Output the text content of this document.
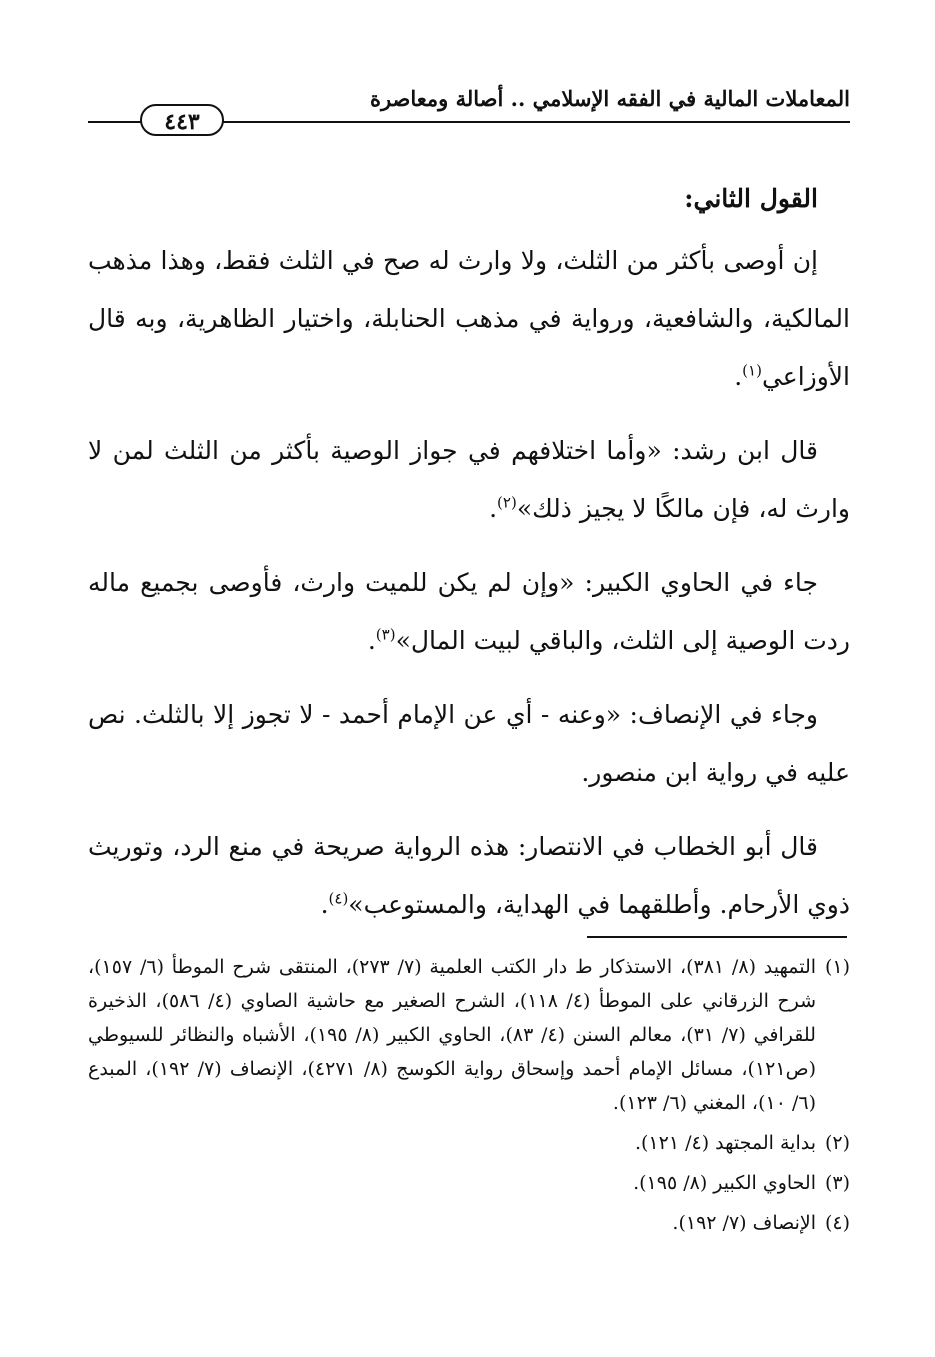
المعاملات المالية في الفقه الإسلامي .. أصالة ومعاصرة
٤٤٣

القول الثاني:

إن أوصى بأكثر من الثلث، ولا وارث له صح في الثلث فقط، وهذا مذهب المالكية، والشافعية، ورواية في مذهب الحنابلة، واختيار الظاهرية، وبه قال الأوزاعي$^{(١)}$.

قال ابن رشد: «وأما اختلافهم في جواز الوصية بأكثر من الثلث لمن لا وارث له، فإن مالكًا لا يجيز ذلك»$^{(٢)}$.

جاء في الحاوي الكبير: «وإن لم يكن للميت وارث، فأوصى بجميع ماله ردت الوصية إلى الثلث، والباقي لبيت المال»$^{(٣)}$.

وجاء في الإنصاف: «وعنه - أي عن الإمام أحمد - لا تجوز إلا بالثلث. نص عليه في رواية ابن منصور.

قال أبو الخطاب في الانتصار: هذه الرواية صريحة في منع الرد، وتوريث ذوي الأرحام. وأطلقهما في الهداية، والمستوعب»$^{(٤)}$.

(١)التمهيد (٨/ ٣٨١)، الاستذكار ط دار الكتب العلمية (٧/ ٢٧٣)، المنتقى شرح الموطأ (٦/ ١٥٧)، شرح الزرقاني على الموطأ (٤/ ١١٨)، الشرح الصغير مع حاشية الصاوي (٤/ ٥٨٦)، الذخيرة للقرافي (٧/ ٣١)، معالم السنن (٤/ ٨٣)، الحاوي الكبير (٨/ ١٩٥)، الأشباه والنظائر للسيوطي (ص١٢١)، مسائل الإمام أحمد وإسحاق رواية الكوسج (٨/ ٤٢٧١)، الإنصاف (٧/ ١٩٢)، المبدع (٦/ ١٠)، المغني (٦/ ١٢٣).

(٢)بداية المجتهد (٤/ ١٢١).

(٣)الحاوي الكبير (٨/ ١٩٥).

(٤)الإنصاف (٧/ ١٩٢).
